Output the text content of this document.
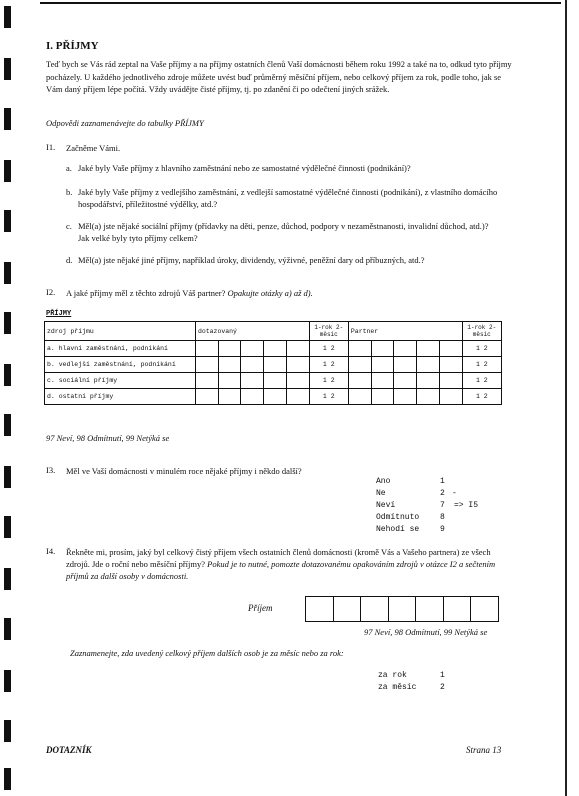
I. PŘÍJMY
Teď bych se Vás rád zeptal na Vaše příjmy a na příjmy ostatních členů Vaší domácnosti během roku 1992 a také na to, odkud tyto příjmy pocházely. U každého jednotlivého zdroje můžete uvést buď průměrný měsíční příjem, nebo celkový příjem za rok, podle toho, jak se Vám daný příjem lépe počítá. Vždy uvádějte čisté příjmy, tj. po zdanění či po odečtení jiných srážek.
Odpovědi zaznamenávejte do tabulky PŘÍJMY
I1. Začněme Vámi.
a. Jaké byly Vaše příjmy z hlavního zaměstnání nebo ze samostatné výdělečné činnosti (podnikání)?
b. Jaké byly Vaše příjmy z vedlejšího zaměstnání, z vedlejší samostatné výdělečné činnosti (podnikání), z vlastního domácího hospodářství, příležitostné výdělky, atd.?
c. Měl(a) jste nějaké sociální příjmy (přídavky na děti, penze, důchod, podpory v nezaměstnanosti, invalidní důchod, atd.)? Jak velké byly tyto příjmy celkem?
d. Měl(a) jste nějaké jiné příjmy, například úroky, dividendy, výživné, peněžní dary od příbuzných, atd.?
I2. A jaké příjmy měl z těchto zdrojů Váš partner? Opakujte otázky a) až d).
PŘÍJMY
zdroj příjmu	dotazovaný					1-rok 2-měsíc	Partner					1-rok 2-měsíc
a. hlavní zaměstnání, podnikání						1 2						1 2
b. vedlejší zaměstnání, podnikání						1 2						1 2
c. sociální příjmy						1 2						1 2
d. ostatní příjmy						1 2						1 2
97 Neví, 98 Odmítnutí, 99 Netýká se
I3. Měl ve Vaší domácnosti v minulém roce nějaké příjmy i někdo další?
Ano	1
Ne	2 -
Neví	7 => I5
Odmítnuto	8
Nehodí se	9
I4. Řekněte mi, prosím, jaký byl celkový čistý příjem všech ostatních členů domácnosti (kromě Vás a Vašeho partnera) ze všech zdrojů. Jde o roční nebo měsíční příjmy? Pokud je to nutné, pomozte dotazovanému opakováním zdrojů v otázce I2 a sečtením příjmů za další osoby v domácnosti.
Příjem
97 Neví, 98 Odmítnutí, 99 Netýká se
Zaznamenejte, zda uvedený celkový příjem dalších osob je za měsíc nebo za rok:
za rok	1
za měsíc	2
DOTAZNÍK	Strana 13
